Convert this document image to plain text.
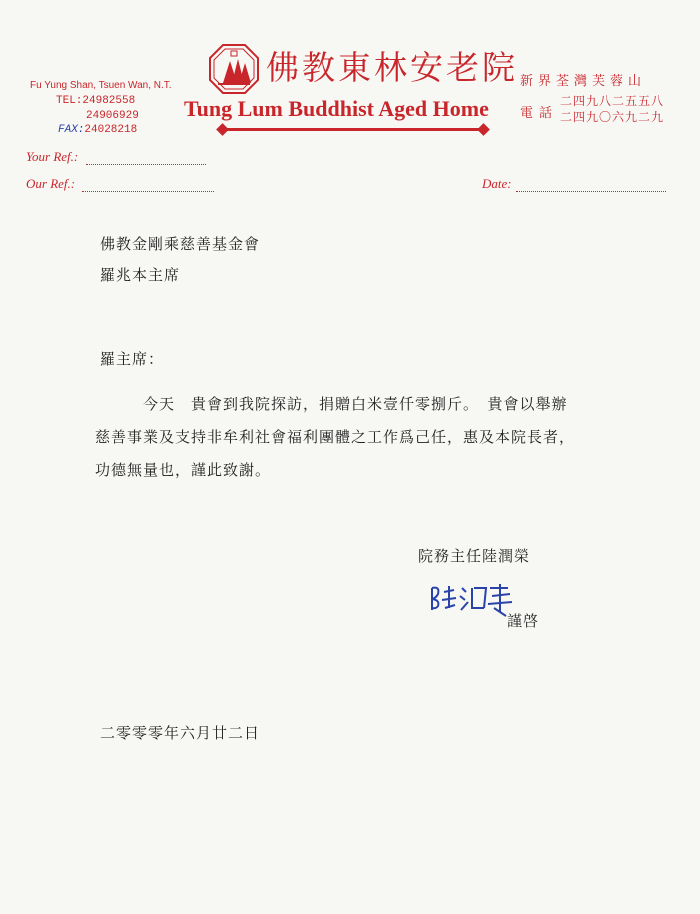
Fu Yung Shan, Tsuen Wan, N.T.
TEL:24982558
24906929
FAX:24028218
佛教東林安老院
Tung Lum Buddhist Aged Home
新界荃灣芙蓉山
電話
二四九八二五五八
二四九〇六九二九
Your Ref.:
Our Ref.:	Date:
佛教金剛乘慈善基金會
羅兆本主席
羅主席：
今天　貴會到我院探訪，捐贈白米壹仟零捌斤。　貴會以舉辦
慈善事業及支持非牟利社會福利團體之工作爲己任，惠及本院長者，
功德無量也，謹此致謝。
院務主任陸潤榮
謹啓
二零零零年六月廿二日
